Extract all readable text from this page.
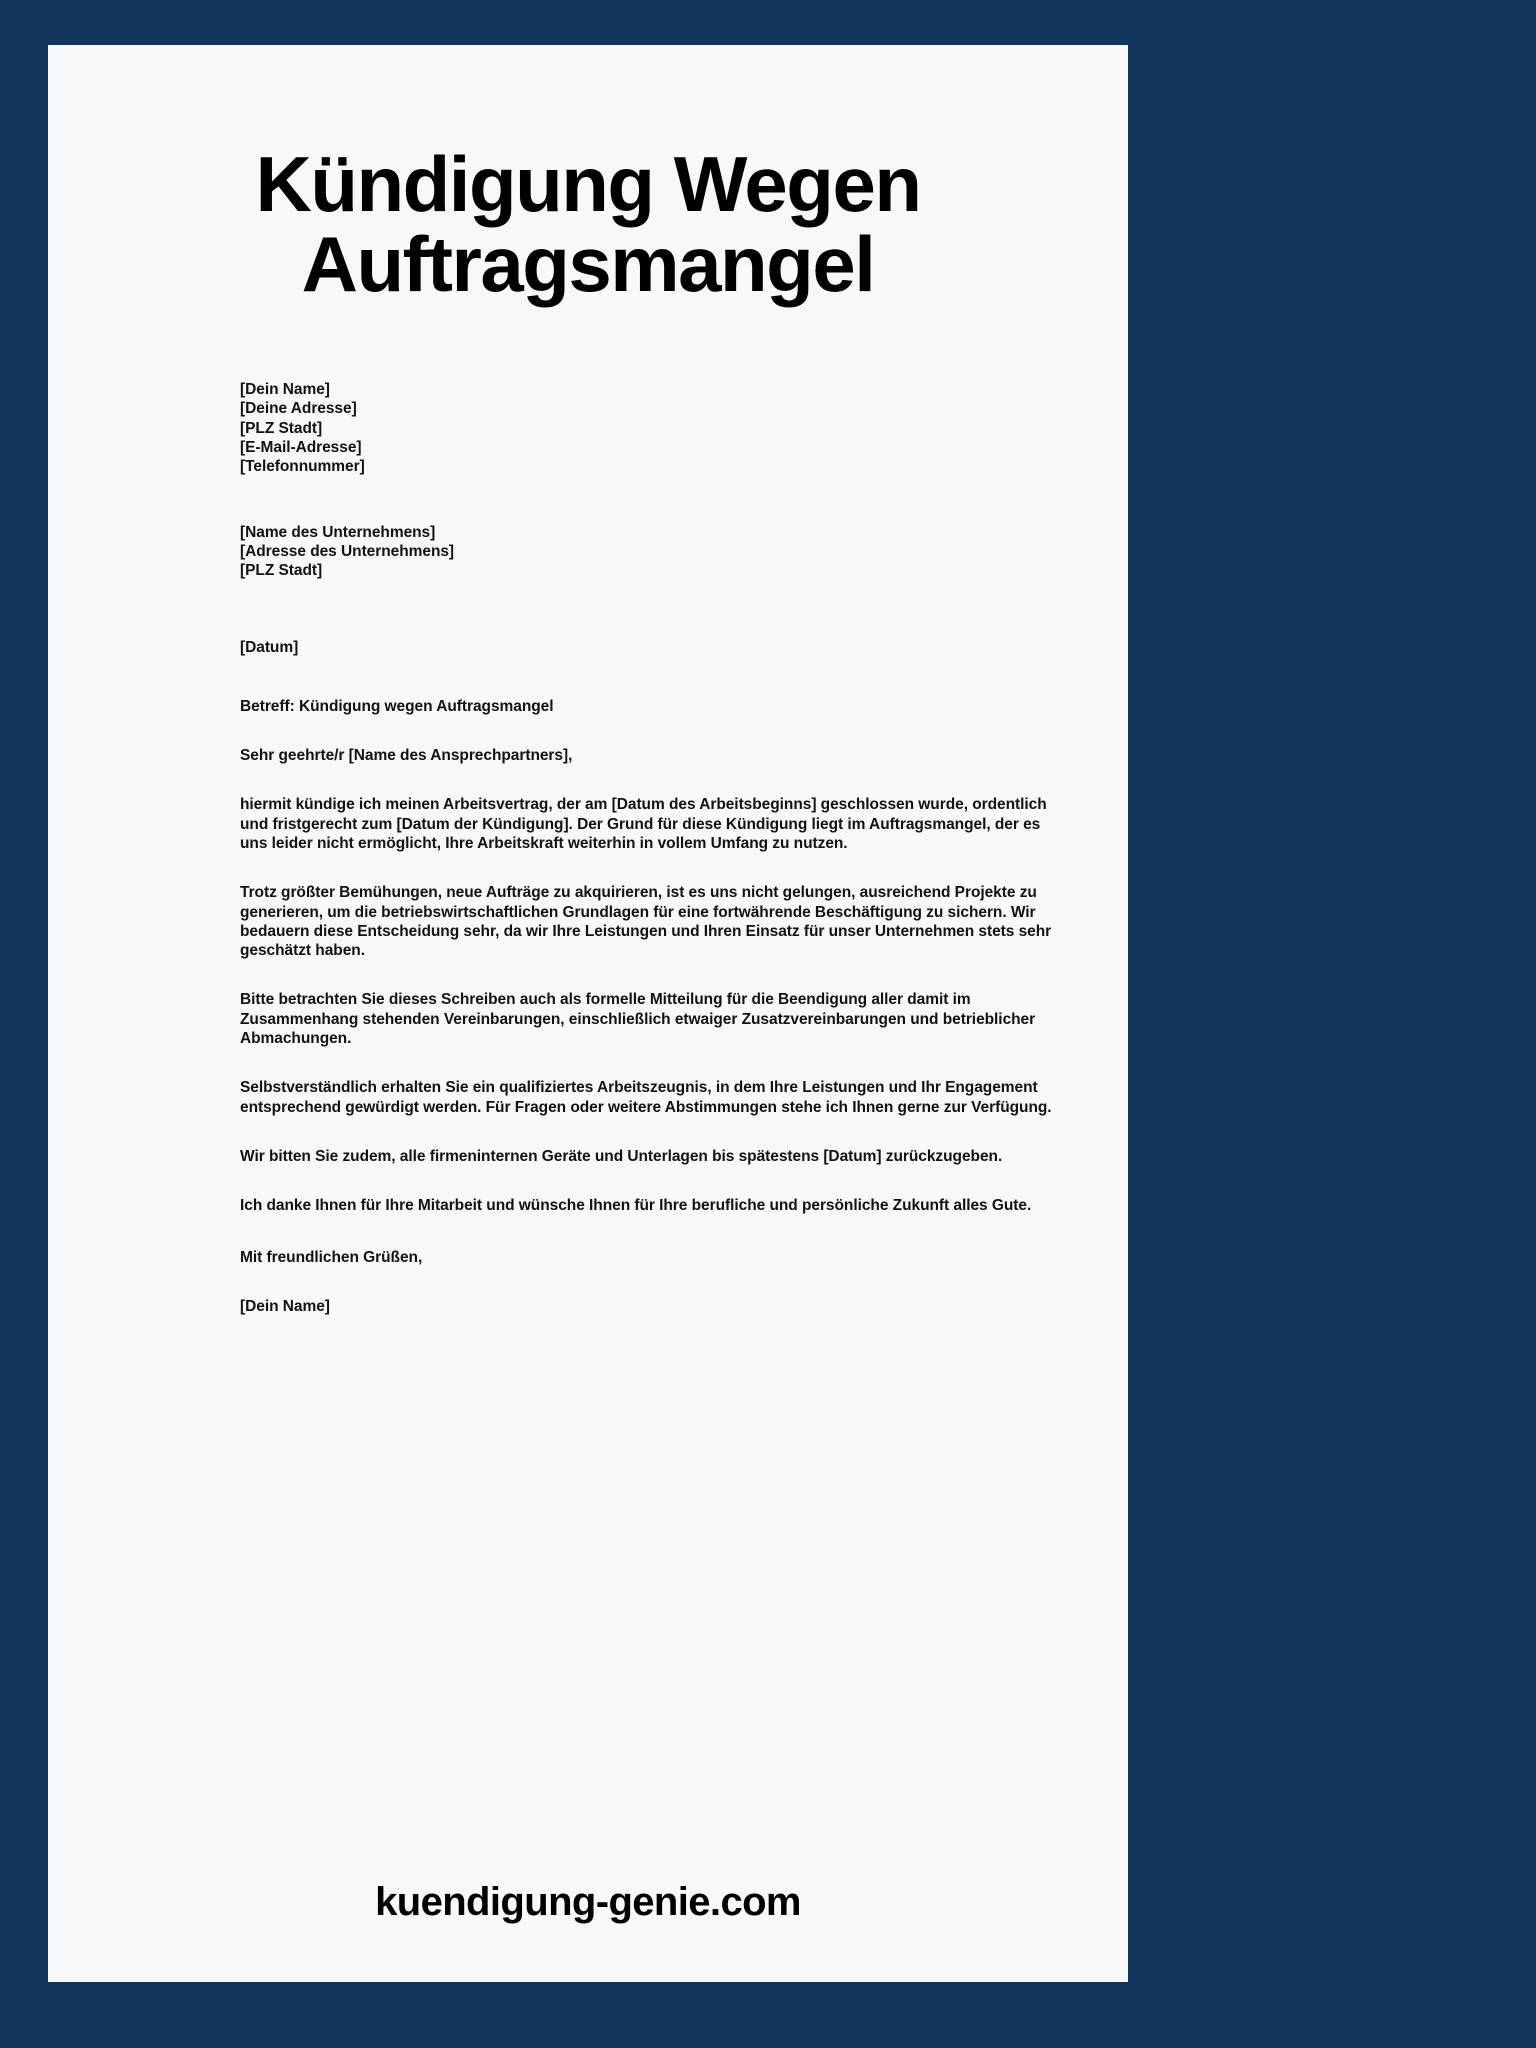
Kündigung Wegen Auftragsmangel
[Dein Name]
[Deine Adresse]
[PLZ Stadt]
[E-Mail-Adresse]
[Telefonnummer]
[Name des Unternehmens]
[Adresse des Unternehmens]
[PLZ Stadt]
[Datum]
Betreff: Kündigung wegen Auftragsmangel
Sehr geehrte/r [Name des Ansprechpartners],

hiermit kündige ich meinen Arbeitsvertrag, der am [Datum des Arbeitsbeginns] geschlossen wurde, ordentlich und fristgerecht zum [Datum der Kündigung]. Der Grund für diese Kündigung liegt im Auftragsmangel, der es uns leider nicht ermöglicht, Ihre Arbeitskraft weiterhin in vollem Umfang zu nutzen.

Trotz größter Bemühungen, neue Aufträge zu akquirieren, ist es uns nicht gelungen, ausreichend Projekte zu generieren, um die betriebswirtschaftlichen Grundlagen für eine fortwährende Beschäftigung zu sichern. Wir bedauern diese Entscheidung sehr, da wir Ihre Leistungen und Ihren Einsatz für unser Unternehmen stets sehr geschätzt haben.

Bitte betrachten Sie dieses Schreiben auch als formelle Mitteilung für die Beendigung aller damit im Zusammenhang stehenden Vereinbarungen, einschließlich etwaiger Zusatzvereinbarungen und betrieblicher Abmachungen.

Selbstverständlich erhalten Sie ein qualifiziertes Arbeitszeugnis, in dem Ihre Leistungen und Ihr Engagement entsprechend gewürdigt werden. Für Fragen oder weitere Abstimmungen stehe ich Ihnen gerne zur Verfügung.

Wir bitten Sie zudem, alle firmeninternen Geräte und Unterlagen bis spätestens [Datum] zurückzugeben.

Ich danke Ihnen für Ihre Mitarbeit und wünsche Ihnen für Ihre berufliche und persönliche Zukunft alles Gute.

Mit freundlichen Grüßen,
[Dein Name]
kuendigung-genie.com
